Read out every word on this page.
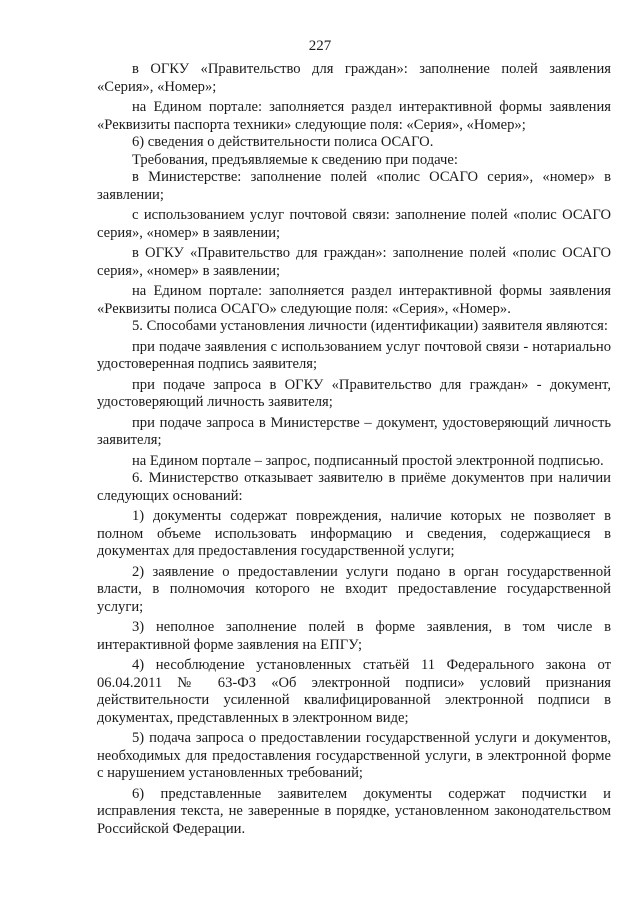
227

в ОГКУ «Правительство для граждан»: заполнение полей заявления «Серия», «Номер»;

на Едином портале: заполняется раздел интерактивной формы заявления «Реквизиты паспорта техники» следующие поля: «Серия», «Номер»;

6) сведения о действительности полиса ОСАГО.

Требования, предъявляемые к сведению при подаче:

в Министерстве: заполнение полей «полис ОСАГО серия», «номер» в заявлении;

с использованием услуг почтовой связи: заполнение полей «полис ОСАГО серия», «номер» в заявлении;

в ОГКУ «Правительство для граждан»: заполнение полей «полис ОСАГО серия», «номер» в заявлении;

на Едином портале: заполняется раздел интерактивной формы заявления «Реквизиты полиса ОСАГО» следующие поля: «Серия», «Номер».

5. Способами установления личности (идентификации) заявителя являются:

при подаче заявления с использованием услуг почтовой связи - нотариально удостоверенная подпись заявителя;

при подаче запроса в ОГКУ «Правительство для граждан» - документ, удостоверяющий личность заявителя;

при подаче запроса в Министерстве – документ, удостоверяющий личность заявителя;

на Едином портале – запрос, подписанный простой электронной подписью.

6. Министерство отказывает заявителю в приёме документов при наличии следующих оснований:

1) документы содержат повреждения, наличие которых не позволяет в полном объеме использовать информацию и сведения, содержащиеся в документах для предоставления государственной услуги;

2) заявление о предоставлении услуги подано в орган государственной власти, в полномочия которого не входит предоставление государственной услуги;

3) неполное заполнение полей в форме заявления, в том числе в интерактивной форме заявления на ЕПГУ;

4) несоблюдение установленных статьёй 11 Федерального закона от 06.04.2011 № 63-ФЗ «Об электронной подписи» условий признания действительности усиленной квалифицированной электронной подписи в документах, представленных в электронном виде;

5) подача запроса о предоставлении государственной услуги и документов, необходимых для предоставления государственной услуги, в электронной форме с нарушением установленных требований;

6) представленные заявителем документы содержат подчистки и исправления текста, не заверенные в порядке, установленном законодательством Российской Федерации.
